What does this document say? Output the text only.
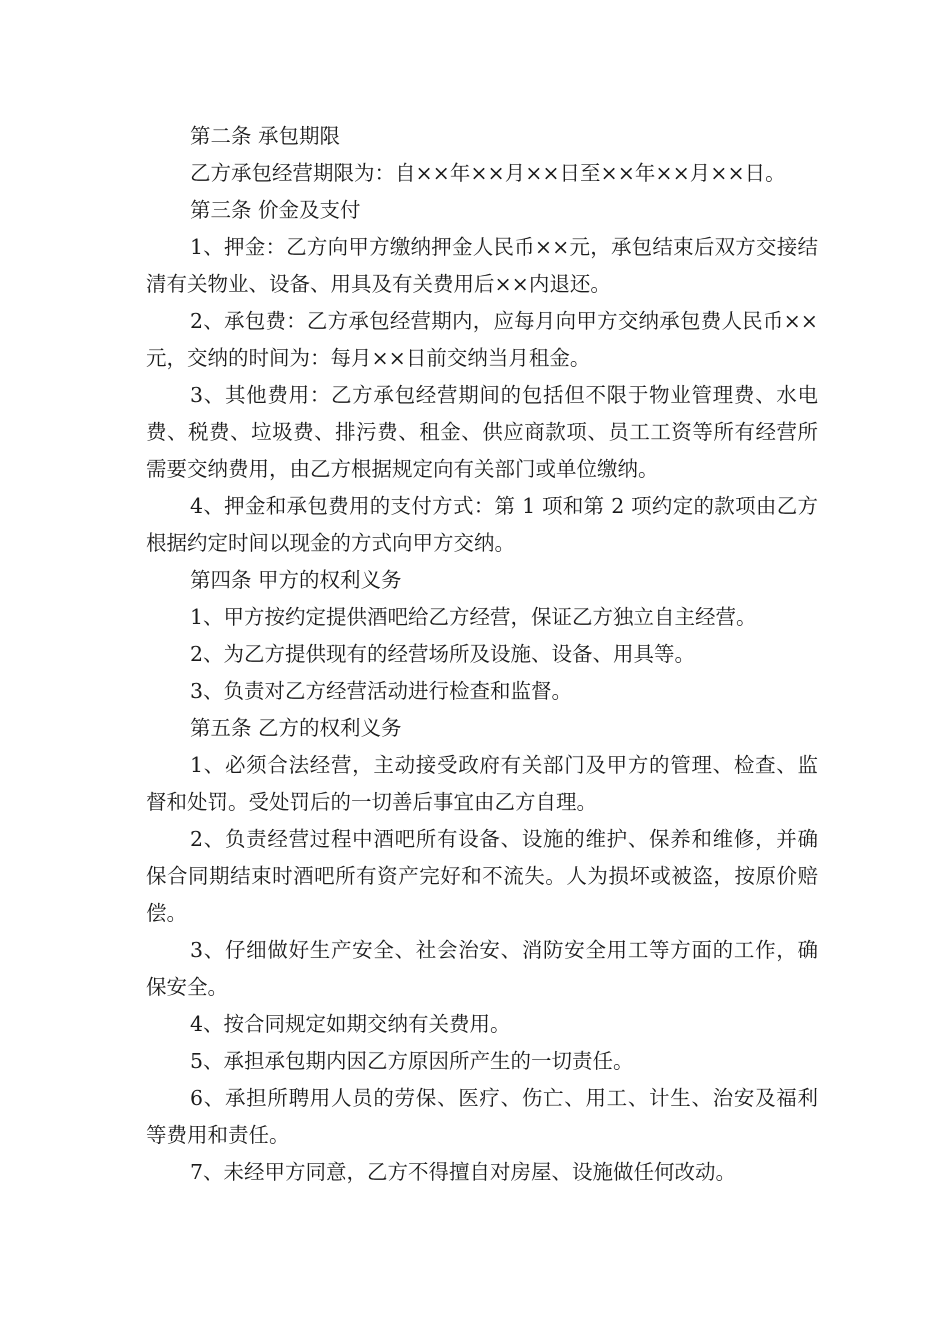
第二条 承包期限

乙方承包经营期限为：自××年××月××日至××年××月××日。

第三条 价金及支付

1、押金：乙方向甲方缴纳押金人民币××元，承包结束后双方交接结清有关物业、设备、用具及有关费用后××内退还。

2、承包费：乙方承包经营期内，应每月向甲方交纳承包费人民币××元，交纳的时间为：每月××日前交纳当月租金。

3、其他费用：乙方承包经营期间的包括但不限于物业管理费、水电费、税费、垃圾费、排污费、租金、供应商款项、员工工资等所有经营所需要交纳费用，由乙方根据规定向有关部门或单位缴纳。

4、押金和承包费用的支付方式：第 1 项和第 2 项约定的款项由乙方根据约定时间以现金的方式向甲方交纳。

第四条 甲方的权利义务

1、甲方按约定提供酒吧给乙方经营，保证乙方独立自主经营。

2、为乙方提供现有的经营场所及设施、设备、用具等。

3、负责对乙方经营活动进行检查和监督。

第五条 乙方的权利义务

1、必须合法经营，主动接受政府有关部门及甲方的管理、检查、监督和处罚。受处罚后的一切善后事宜由乙方自理。

2、负责经营过程中酒吧所有设备、设施的维护、保养和维修，并确保合同期结束时酒吧所有资产完好和不流失。人为损坏或被盗，按原价赔偿。

3、仔细做好生产安全、社会治安、消防安全用工等方面的工作，确保安全。

4、按合同规定如期交纳有关费用。

5、承担承包期内因乙方原因所产生的一切责任。

6、承担所聘用人员的劳保、医疗、伤亡、用工、计生、治安及福利等费用和责任。

7、未经甲方同意，乙方不得擅自对房屋、设施做任何改动。
